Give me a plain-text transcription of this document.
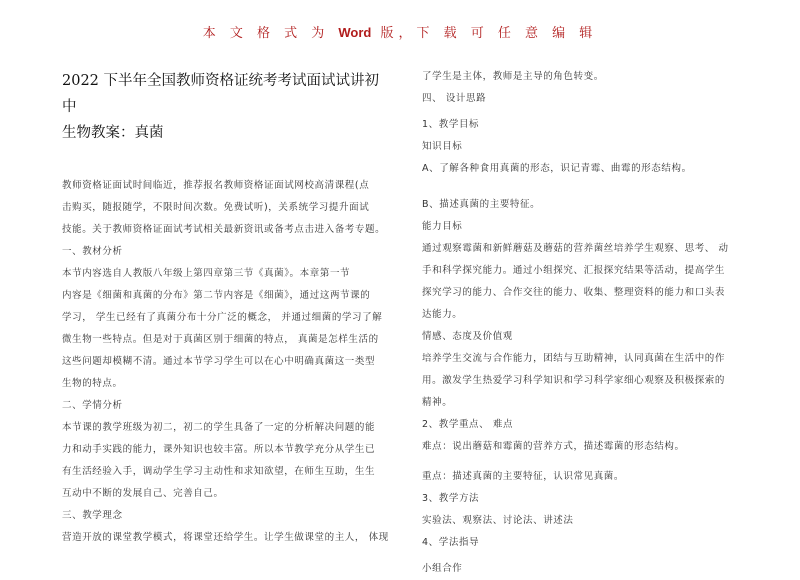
本 文 格 式 为 Word 版，下 载 可 任 意 编 辑
2022 下半年全国教师资格证统考考试面试试讲初中
生物教案：真菌

教师资格证面试时间临近，推荐报名教师资格证面试网校高清课程(点

击购买，随报随学，不限时间次数。免费试听)，关系统学习提升面试

技能。关于教师资格证面试考试相关最新资讯或备考点击进入备考专题。

一、教材分析

本节内容选自人教版八年级上第四章第三节《真菌》。本章第一节

内容是《细菌和真菌的分布》第二节内容是《细菌》，通过这两节课的

学习， 学生已经有了真菌分布十分广泛的概念， 并通过细菌的学习了解

微生物一些特点。但是对于真菌区别于细菌的特点， 真菌是怎样生活的

这些问题却模糊不清。通过本节学习学生可以在心中明确真菌这一类型

生物的特点。

二、学情分析

本节课的教学班级为初二，初二的学生具备了一定的分析解决问题的能

力和动手实践的能力，课外知识也较丰富。所以本节教学充分从学生已

有生活经验入手，调动学生学习主动性和求知欲望，在师生互助，生生

互动中不断的发展自己、完善自己。

三、教学理念

营造开放的课堂教学模式，将课堂还给学生。让学生做课堂的主人， 体现

了学生是主体，教师是主导的角色转变。

四、 设计思路

1、教学目标

知识目标

A、了解各种食用真菌的形态，识记青霉、曲霉的形态结构。

B、描述真菌的主要特征。

能力目标

通过观察霉菌和新鲜蘑菇及蘑菇的营养菌丝培养学生观察、思考、 动

手和科学探究能力。通过小组探究、汇报探究结果等活动，提高学生

探究学习的能力、合作交往的能力、收集、整理资料的能力和口头表

达能力。

情感、态度及价值观

培养学生交流与合作能力，团结与互助精神，认同真菌在生活中的作

用。激发学生热爱学习科学知识和学习科学家细心观察及积极探索的

精神。

2、教学重点、 难点

难点：说出蘑菇和霉菌的营养方式，描述霉菌的形态结构。

重点：描述真菌的主要特征，认识常见真菌。

3、教学方法

实验法、观察法、讨论法、讲述法

4、学法指导

小组合作
